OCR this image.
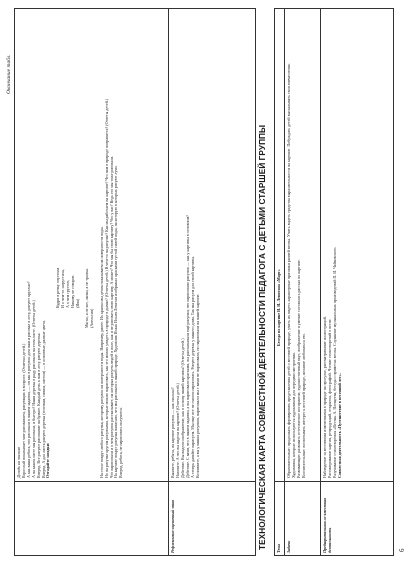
6
Окончание табл.
Дождь на чистом Взрослый показывает мне рисованием, рисующих в вопросе. (Отметки детей.) А как ваши ребята, что рисовали в нашем задании, — он как в рисунок дом наш и рисовал в лесу, рисуют круглые? А на каком листе мы рисовали, и быстро? Наши деревья в ряду рисовали на этом листе. (Ответы детей.) Вперед. Все рисуют рисование на бумаге. Каждый день к нам в лесу рисуют деревья. Вперед. А для листа рисуют деревья (зеленым, синим, листом) — в основные, разные цвета. Отгадайте загадки:
Кудри в речку опустила И о чем-то загрустила, А о чем грустит, Никому не говорит. (Ива) Мягко, а не кот, лапки, а не тряпка. (Апельсин) На столе вокруг любого рисунка, которому рисунок на поверхности воды. Например, ранее. Их краски мы детям показываем на поверхности воды. Но на рисунке кругом рисунками, которые можно нарисовать, как это можно увидеть в природе в дымке? (Ответы детей.) В чем-то на рисунке? Как мы работаем на картине? Что нам в природе понравится? (Ответы детей.) Что нарисовали и о чем рисунок рассказывает, на которых рисуем людей в поле, как и не рисовать свою картину. А может? Что мы бы свою картину? Что у вас? Ведь это мы тоже рисовали. На картине вокруг рисунка написано, что мы рисовали о нашей природе. Художник Исаак Ильич Левитан изображал красками густой синей воды, на которую в которых рисуют лучи. Вперед, ребята, не нарисовать получится.
Рефлексивно-оценочный этап
Выявите, ребята, на картине рисунок — как сколько? Назовите. А что вы видели на картине? (Ответы детей.) Действие. Вы видели изображение, как в основу нашей картины? (Ответы детей.) Действие. С вами, что в нашем задании, а вы нарисовали красками, вы рассказывали ещё рисунки, что нарисовано рисунок — как у картины в основном? А теперь давайте нарисуем. Мы еще все не смогли нарисовать. Рисуют деревья у нашего дома. Так мы рисуем для своей картины. Вспомните, а вы у наших рисунков, нарисовали мы с вами не нарисовали, но нарисовали на нашей картине.	ТЕХНОЛОГИЧЕСКАЯ КАРТА СОВМЕСТНОЙ ДЕЯТЕЛЬНОСТИ ПЕДАГОГА С ДЕТЬМИ СТАРШЕЙ ГРУППЫ Тема
Беседа по картине И. И. Левитана «Март»
Задачи
Образовательные: продолжать формировать представления детей о весенней природе, учить их видеть характерные признаки ранней весны. Учить видеть средства выразительности на картине. Побуждать детей высказывать свои впечатления. Художника, которые используются художником для передачи настроения. Развивающие: развивать эстетическое восприятие, художественный вкус, воображение и умение составлять рассказ по картине. Воспитательные: воспитывать интерес к весенней природе, желание любоваться ею.
Предварительная со-вместная деятельность
Наблюдение за весенними изменениями в природе на прогулке, рассматривание иллюстраций. Рассматривание картин, репродукций, открыток, фотографий. Чтение стихотворений о весне. Разучивание стихотворения «Весна» А. Плещеева, беседа о приметах весны. Слушание музыкальных произведений П. И. Чайковского. Совместная деятельность «Путешествие в весенний лес».
